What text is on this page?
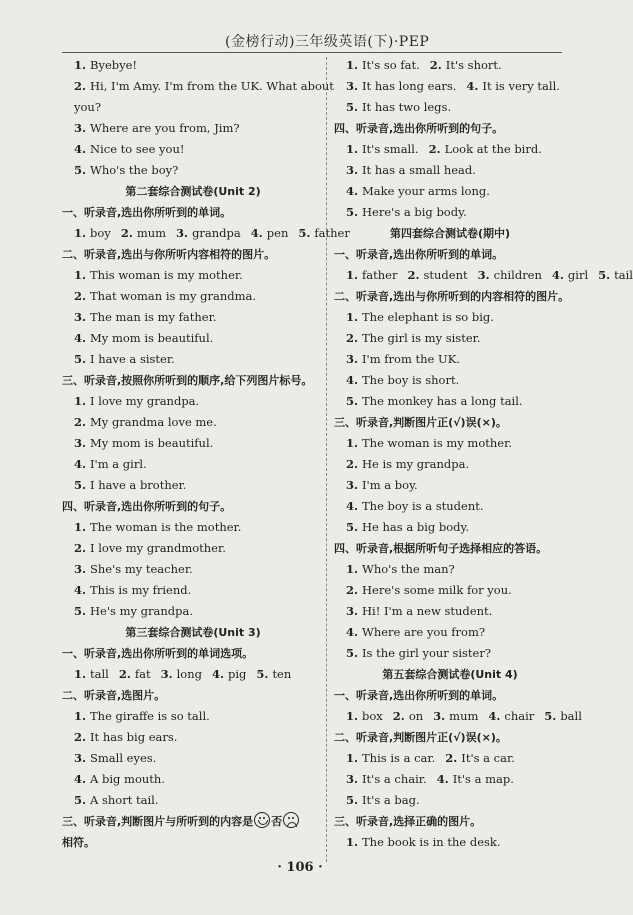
(金榜行动)三年级英语(下)·PEP
1. Byebye!
2. Hi, I'm Amy. I'm from the UK. What about
you?
3. Where are you from, Jim?
4. Nice to see you!
5. Who's the boy?
第二套综合测试卷(Unit 2)
一、听录音,选出你所听到的单词。
1. boy 2. mum 3. grandpa 4. pen 5. father
二、听录音,选出与你所听内容相符的图片。
1. This woman is my mother.
2. That woman is my grandma.
3. The man is my father.
4. My mom is beautiful.
5. I have a sister.
三、听录音,按照你所听到的顺序,给下列图片标号。
1. I love my grandpa.
2. My grandma love me.
3. My mom is beautiful.
4. I'm a girl.
5. I have a brother.
四、听录音,选出你所听到的句子。
1. The woman is the mother.
2. I love my grandmother.
3. She's my teacher.
4. This is my friend.
5. He's my grandpa.
第三套综合测试卷(Unit 3)
一、听录音,选出你所听到的单词选项。
1. tall 2. fat 3. long 4. pig 5. ten
二、听录音,选图片。
1. The giraffe is so tall.
2. It has big ears.
3. Small eyes.
4. A big mouth.
5. A short tail.
三、听录音,判断图片与所听到的内容是 否
相符。
1. It's so fat. 2. It's short.
3. It has long ears. 4. It is very tall.
5. It has two legs.
四、听录音,选出你所听到的句子。
1. It's small. 2. Look at the bird.
3. It has a small head.
4. Make your arms long.
5. Here's a big body.
第四套综合测试卷(期中)
一、听录音,选出你所听到的单词。
1. father 2. student 3. children 4. girl 5. tail
二、听录音,选出与你所听到的内容相符的图片。
1. The elephant is so big.
2. The girl is my sister.
3. I'm from the UK.
4. The boy is short.
5. The monkey has a long tail.
三、听录音,判断图片正(√)误(×)。
1. The woman is my mother.
2. He is my grandpa.
3. I'm a boy.
4. The boy is a student.
5. He has a big body.
四、听录音,根据所听句子选择相应的答语。
1. Who's the man?
2. Here's some milk for you.
3. Hi! I'm a new student.
4. Where are you from?
5. Is the girl your sister?
第五套综合测试卷(Unit 4)
一、听录音,选出你所听到的单词。
1. box 2. on 3. mum 4. chair 5. ball
二、听录音,判断图片正(√)误(×)。
1. This is a car. 2. It's a car.
3. It's a chair. 4. It's a map.
5. It's a bag.
三、听录音,选择正确的图片。
1. The book is in the desk.
· 106 ·
